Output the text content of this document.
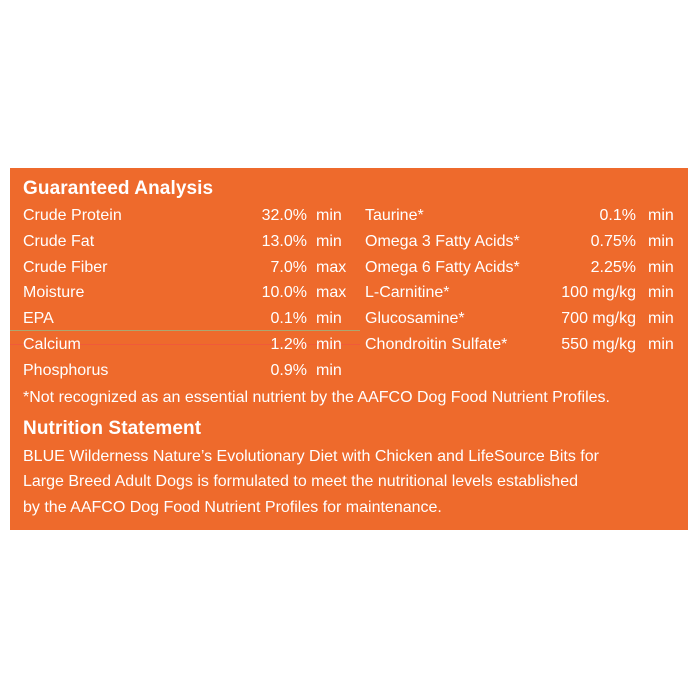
Guaranteed Analysis
Crude Protein	32.0% min
Crude Fat	13.0% min
Crude Fiber	7.0% max
Moisture	10.0% max
EPA	0.1% min
Calcium	1.2% min
Phosphorus	0.9% min
Taurine*	0.1% min
Omega 3 Fatty Acids*	0.75% min
Omega 6 Fatty Acids*	2.25% min
L-Carnitine*	100 mg/kg min
Glucosamine*	700 mg/kg min
Chondroitin Sulfate*	550 mg/kg min
*Not recognized as an essential nutrient by the AAFCO Dog Food Nutrient Profiles.
Nutrition Statement
BLUE Wilderness Nature’s Evolutionary Diet with Chicken and LifeSource Bits for
Large Breed Adult Dogs is formulated to meet the nutritional levels established
by the AAFCO Dog Food Nutrient Profiles for maintenance.
